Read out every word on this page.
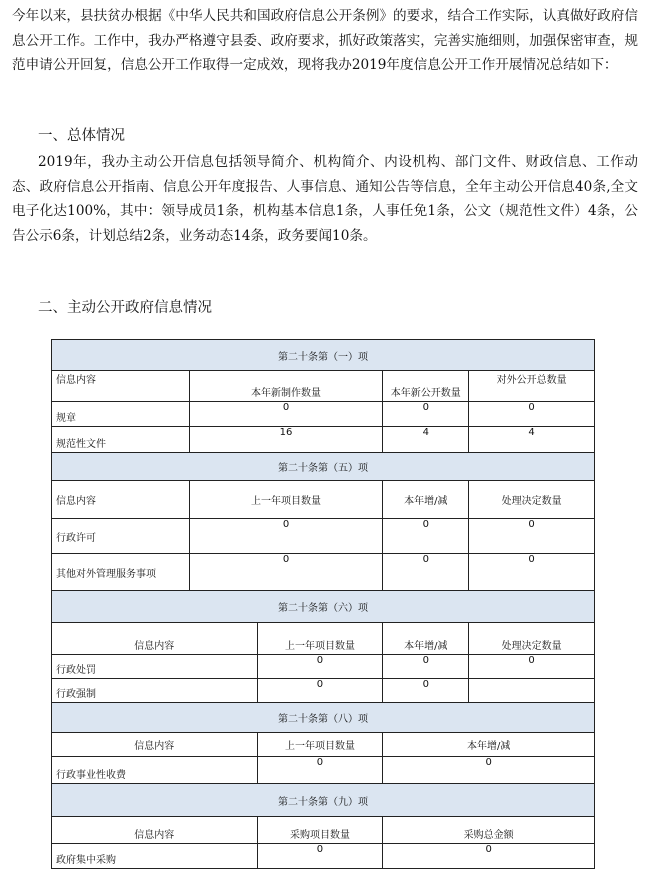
今年以来，县扶贫办根据《中华人民共和国政府信息公开条例》的要求，结合工作实际，认真做好政府信息公开工作。工作中，我办严格遵守县委、政府要求，抓好政策落实，完善实施细则，加强保密审查，规范申请公开回复，信息公开工作取得一定成效，现将我办2019年度信息公开工作开展情况总结如下：

一、总体情况

2019年，我办主动公开信息包括领导简介、机构简介、内设机构、部门文件、财政信息、工作动态、政府信息公开指南、信息公开年度报告、人事信息、通知公告等信息，全年主动公开信息40条,全文电子化达100%，其中：领导成员1条，机构基本信息1条，人事任免1条，公文（规范性文件）4条，公告公示6条，计划总结2条，业务动态14条，政务要闻10条。

二、主动公开政府信息情况

第二十条第（一）项				
信息内容	本年新制作数量		本年新公开数量	对外公开总数量
规章	0		0	0
规范性文件	16		4	4
第二十条第（五）项				
信息内容	上一年项目数量		本年增/减	处理决定数量
行政许可	0		0	0
其他对外管理服务事项	0		0	0
第二十条第（六）项				
信息内容		上一年项目数量	本年增/减	处理决定数量
行政处罚		0	0	0
行政强制		0	0	
第二十条第（八）项				
信息内容		上一年项目数量	本年增/减	
行政事业性收费		0	0	
第二十条第（九）项				
信息内容		采购项目数量	采购总金额	
政府集中采购		0	0	
